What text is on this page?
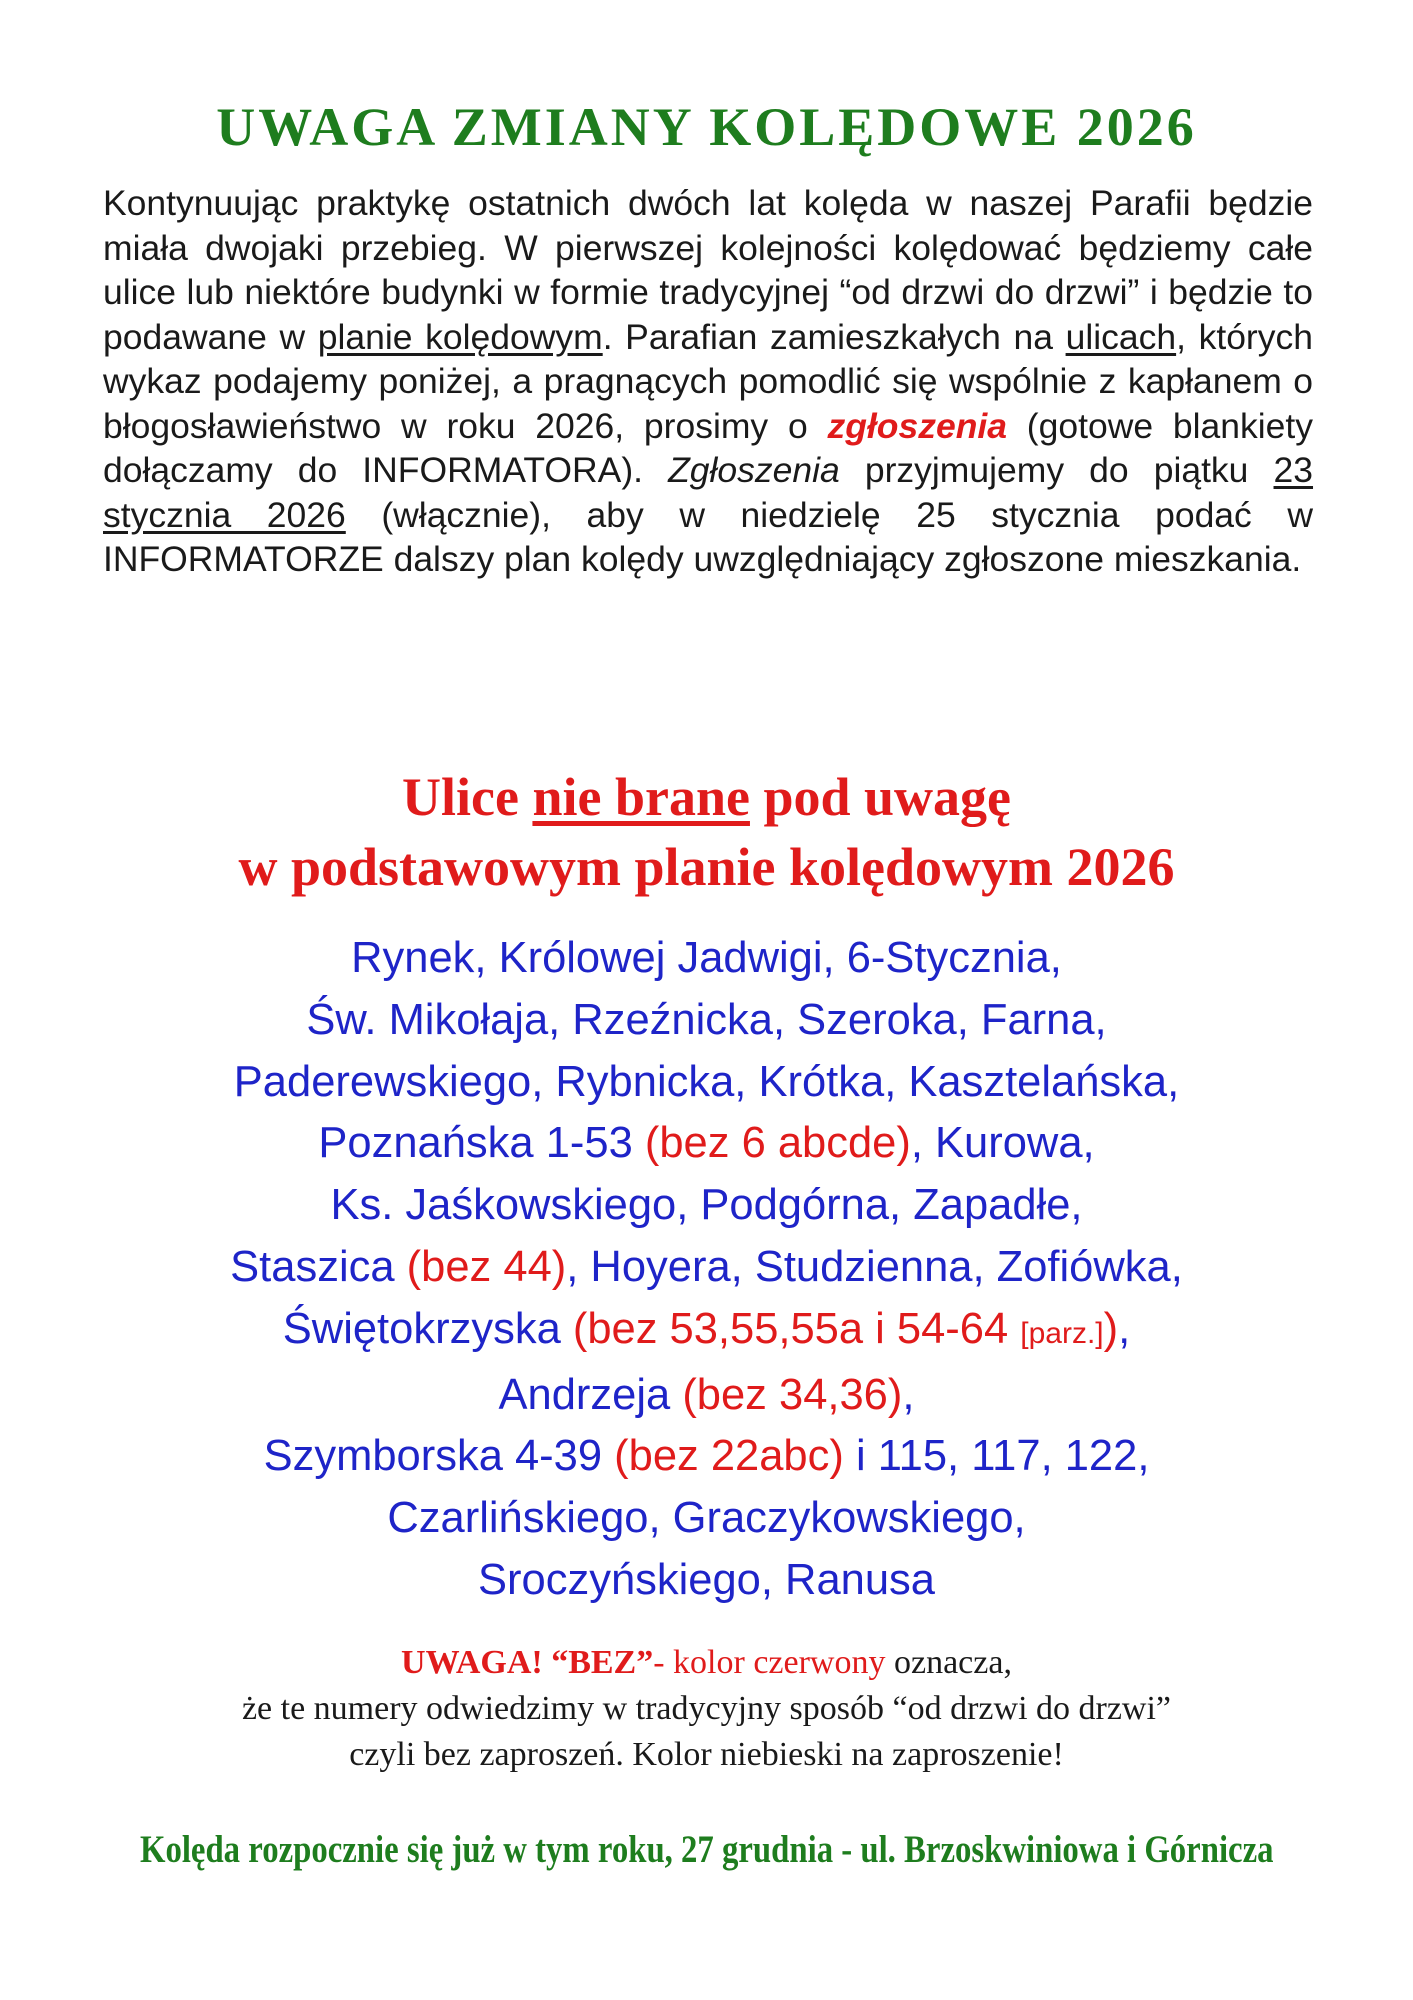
UWAGA ZMIANY KOLĘDOWE 2026

Kontynuując praktykę ostatnich dwóch lat kolęda w naszej Parafii będzie miała dwojaki przebieg. W pierwszej kolejności kolędować będziemy całe ulice lub niektóre budynki w formie tradycyjnej “od drzwi do drzwi” i będzie to podawane w planie kolędowym. Parafian zamieszkałych na ulicach, których wykaz podajemy poniżej, a pragnących pomodlić się wspólnie z kapłanem o błogosławieństwo w roku 2026, prosimy o zgłoszenia (gotowe blankiety dołączamy do INFORMATORA). Zgłoszenia przyjmujemy do piątku 23 stycznia 2026 (włącznie), aby w niedzielę 25 stycznia podać w INFORMATORZE dalszy plan kolędy uwzględniający zgłoszone mieszkania.

Ulice nie brane pod uwagę
w podstawowym planie kolędowym 2026
Rynek, Królowej Jadwigi, 6-Stycznia,
Św. Mikołaja, Rzeźnicka, Szeroka, Farna,
Paderewskiego, Rybnicka, Krótka, Kasztelańska,
Poznańska 1-53 (bez 6 abcde), Kurowa,
Ks. Jaśkowskiego, Podgórna, Zapadłe,
Staszica (bez 44), Hoyera, Studzienna, Zofiówka,
Świętokrzyska (bez 53,55,55a i 54-64 [parz.]),
Andrzeja (bez 34,36),
Szymborska 4-39 (bez 22abc) i 115, 117, 122,
Czarlińskiego, Graczykowskiego,
Sroczyńskiego, Ranusa
UWAGA! “BEZ”- kolor czerwony oznacza,
że te numery odwiedzimy w tradycyjny sposób “od drzwi do drzwi”
czyli bez zaproszeń. Kolor niebieski na zaproszenie!
Kolęda rozpocznie się już w tym roku, 27 grudnia - ul. Brzoskwiniowa i Górnicza
